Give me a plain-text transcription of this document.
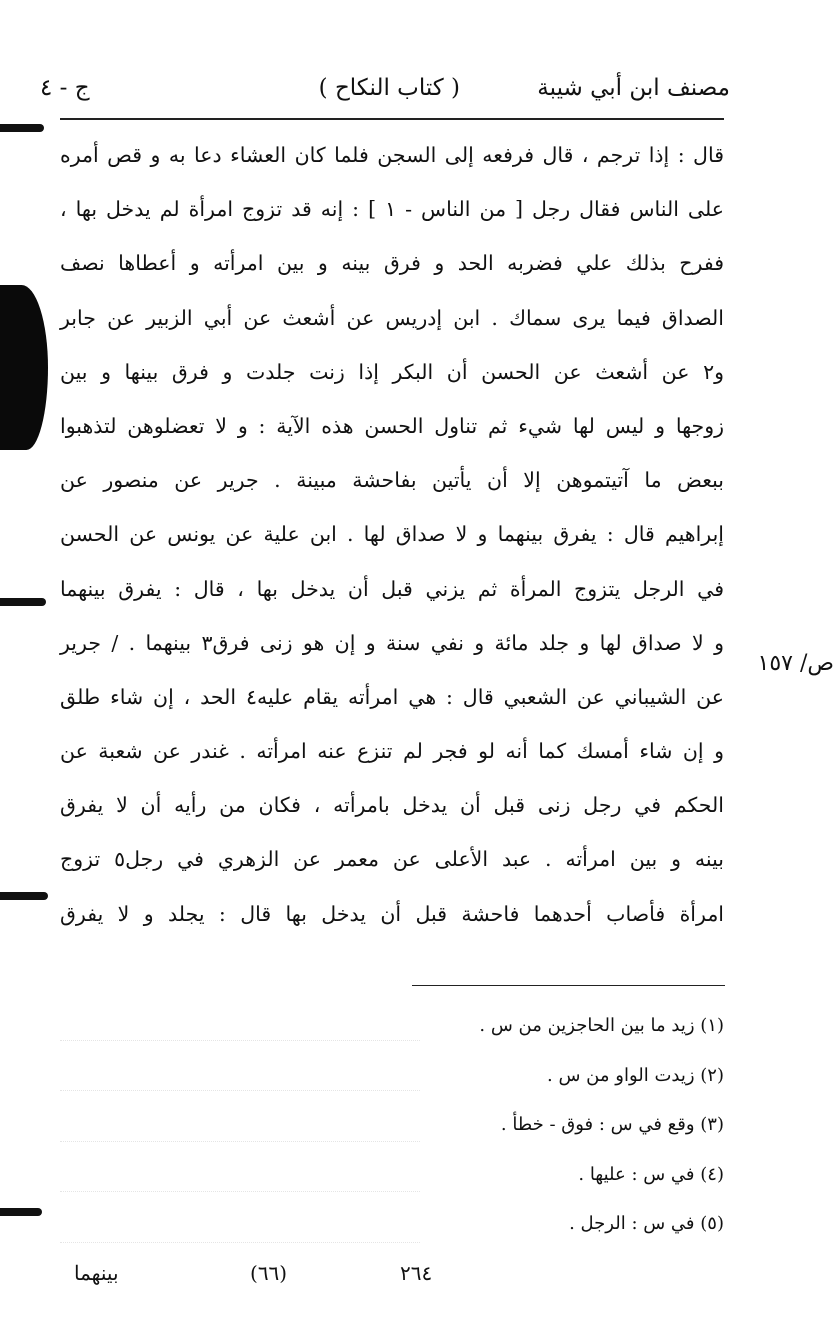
مصنف ابن أبي شيبة
( كتاب النكاح )
ج - ٤
قال : إذا ترجم ، قال فرفعه إلى السجن فلما كان العشاء دعا به و قص أمره
على الناس فقال رجل [ من الناس - ١ ] : إنه قد تزوج امرأة لم يدخل بها ،
ففرح بذلك علي فضربه الحد و فرق بينه و بين امرأته و أعطاها نصف
الصداق فيما يرى سماك . ابن إدريس عن أشعث عن أبي الزبير عن جابر
و٢ عن أشعث عن الحسن أن البكر إذا زنت جلدت و فرق بينها و بين
زوجها و ليس لها شيء ثم تناول الحسن هذه الآية : و لا تعضلوهن لتذهبوا
ببعض ما آتيتموهن إلا أن يأتين بفاحشة مبينة . جرير عن منصور عن
إبراهيم قال : يفرق بينهما و لا صداق لها . ابن علية عن يونس عن الحسن
في الرجل يتزوج المرأة ثم يزني قبل أن يدخل بها ، قال : يفرق بينهما
و لا صداق لها و جلد مائة و نفي سنة و إن هو زنى فرق٣ بينهما . / جرير
عن الشيباني عن الشعبي قال : هي امرأته يقام عليه٤ الحد ، إن شاء طلق
و إن شاء أمسك كما أنه لو فجر لم تنزع عنه امرأته . غندر عن شعبة عن
الحكم في رجل زنى قبل أن يدخل بامرأته ، فكان من رأيه أن لا يفرق
بينه و بين امرأته . عبد الأعلى عن معمر عن الزهري في رجل٥ تزوج
امرأة فأصاب أحدهما فاحشة قبل أن يدخل بها قال : يجلد و لا يفرق
ص/ ١٥٧
(١) زيد ما بين الحاجزين من س .
(٢) زيدت الواو من س .
(٣) وقع في س : فوق - خطأ .
(٤) في س : عليها .
(٥) في س : الرجل .
٢٦٤
(٦٦)
بينهما
